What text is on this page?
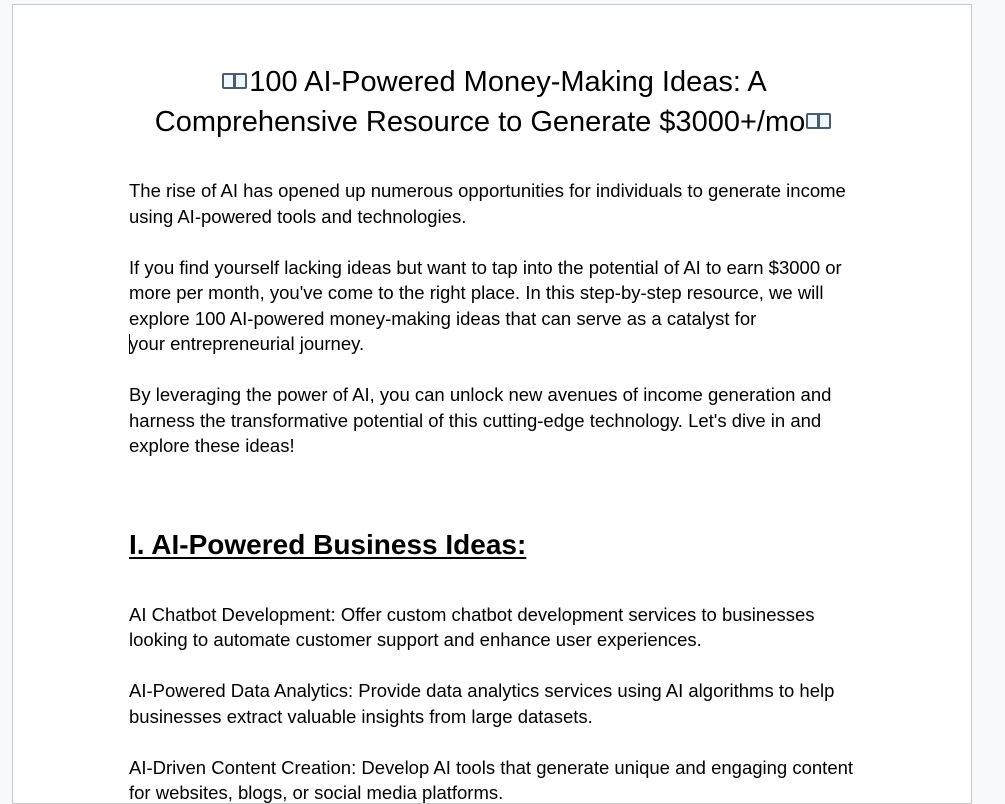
100 AI-Powered Money-Making Ideas: A
Comprehensive Resource to Generate $3000+/mo

The rise of AI has opened up numerous opportunities for individuals to generate income using AI-powered tools and technologies.

If you find yourself lacking ideas but want to tap into the potential of AI to earn $3000 or more per month, you've come to the right place. In this step-by-step resource, we will explore 100 AI-powered money-making ideas that can serve as a catalyst for
your entrepreneurial journey.

By leveraging the power of AI, you can unlock new avenues of income generation and harness the transformative potential of this cutting-edge technology. Let's dive in and explore these ideas!

I. AI-Powered Business Ideas:

AI Chatbot Development: Offer custom chatbot development services to businesses looking to automate customer support and enhance user experiences.

AI-Powered Data Analytics: Provide data analytics services using AI algorithms to help businesses extract valuable insights from large datasets.

AI-Driven Content Creation: Develop AI tools that generate unique and engaging content for websites, blogs, or social media platforms.
